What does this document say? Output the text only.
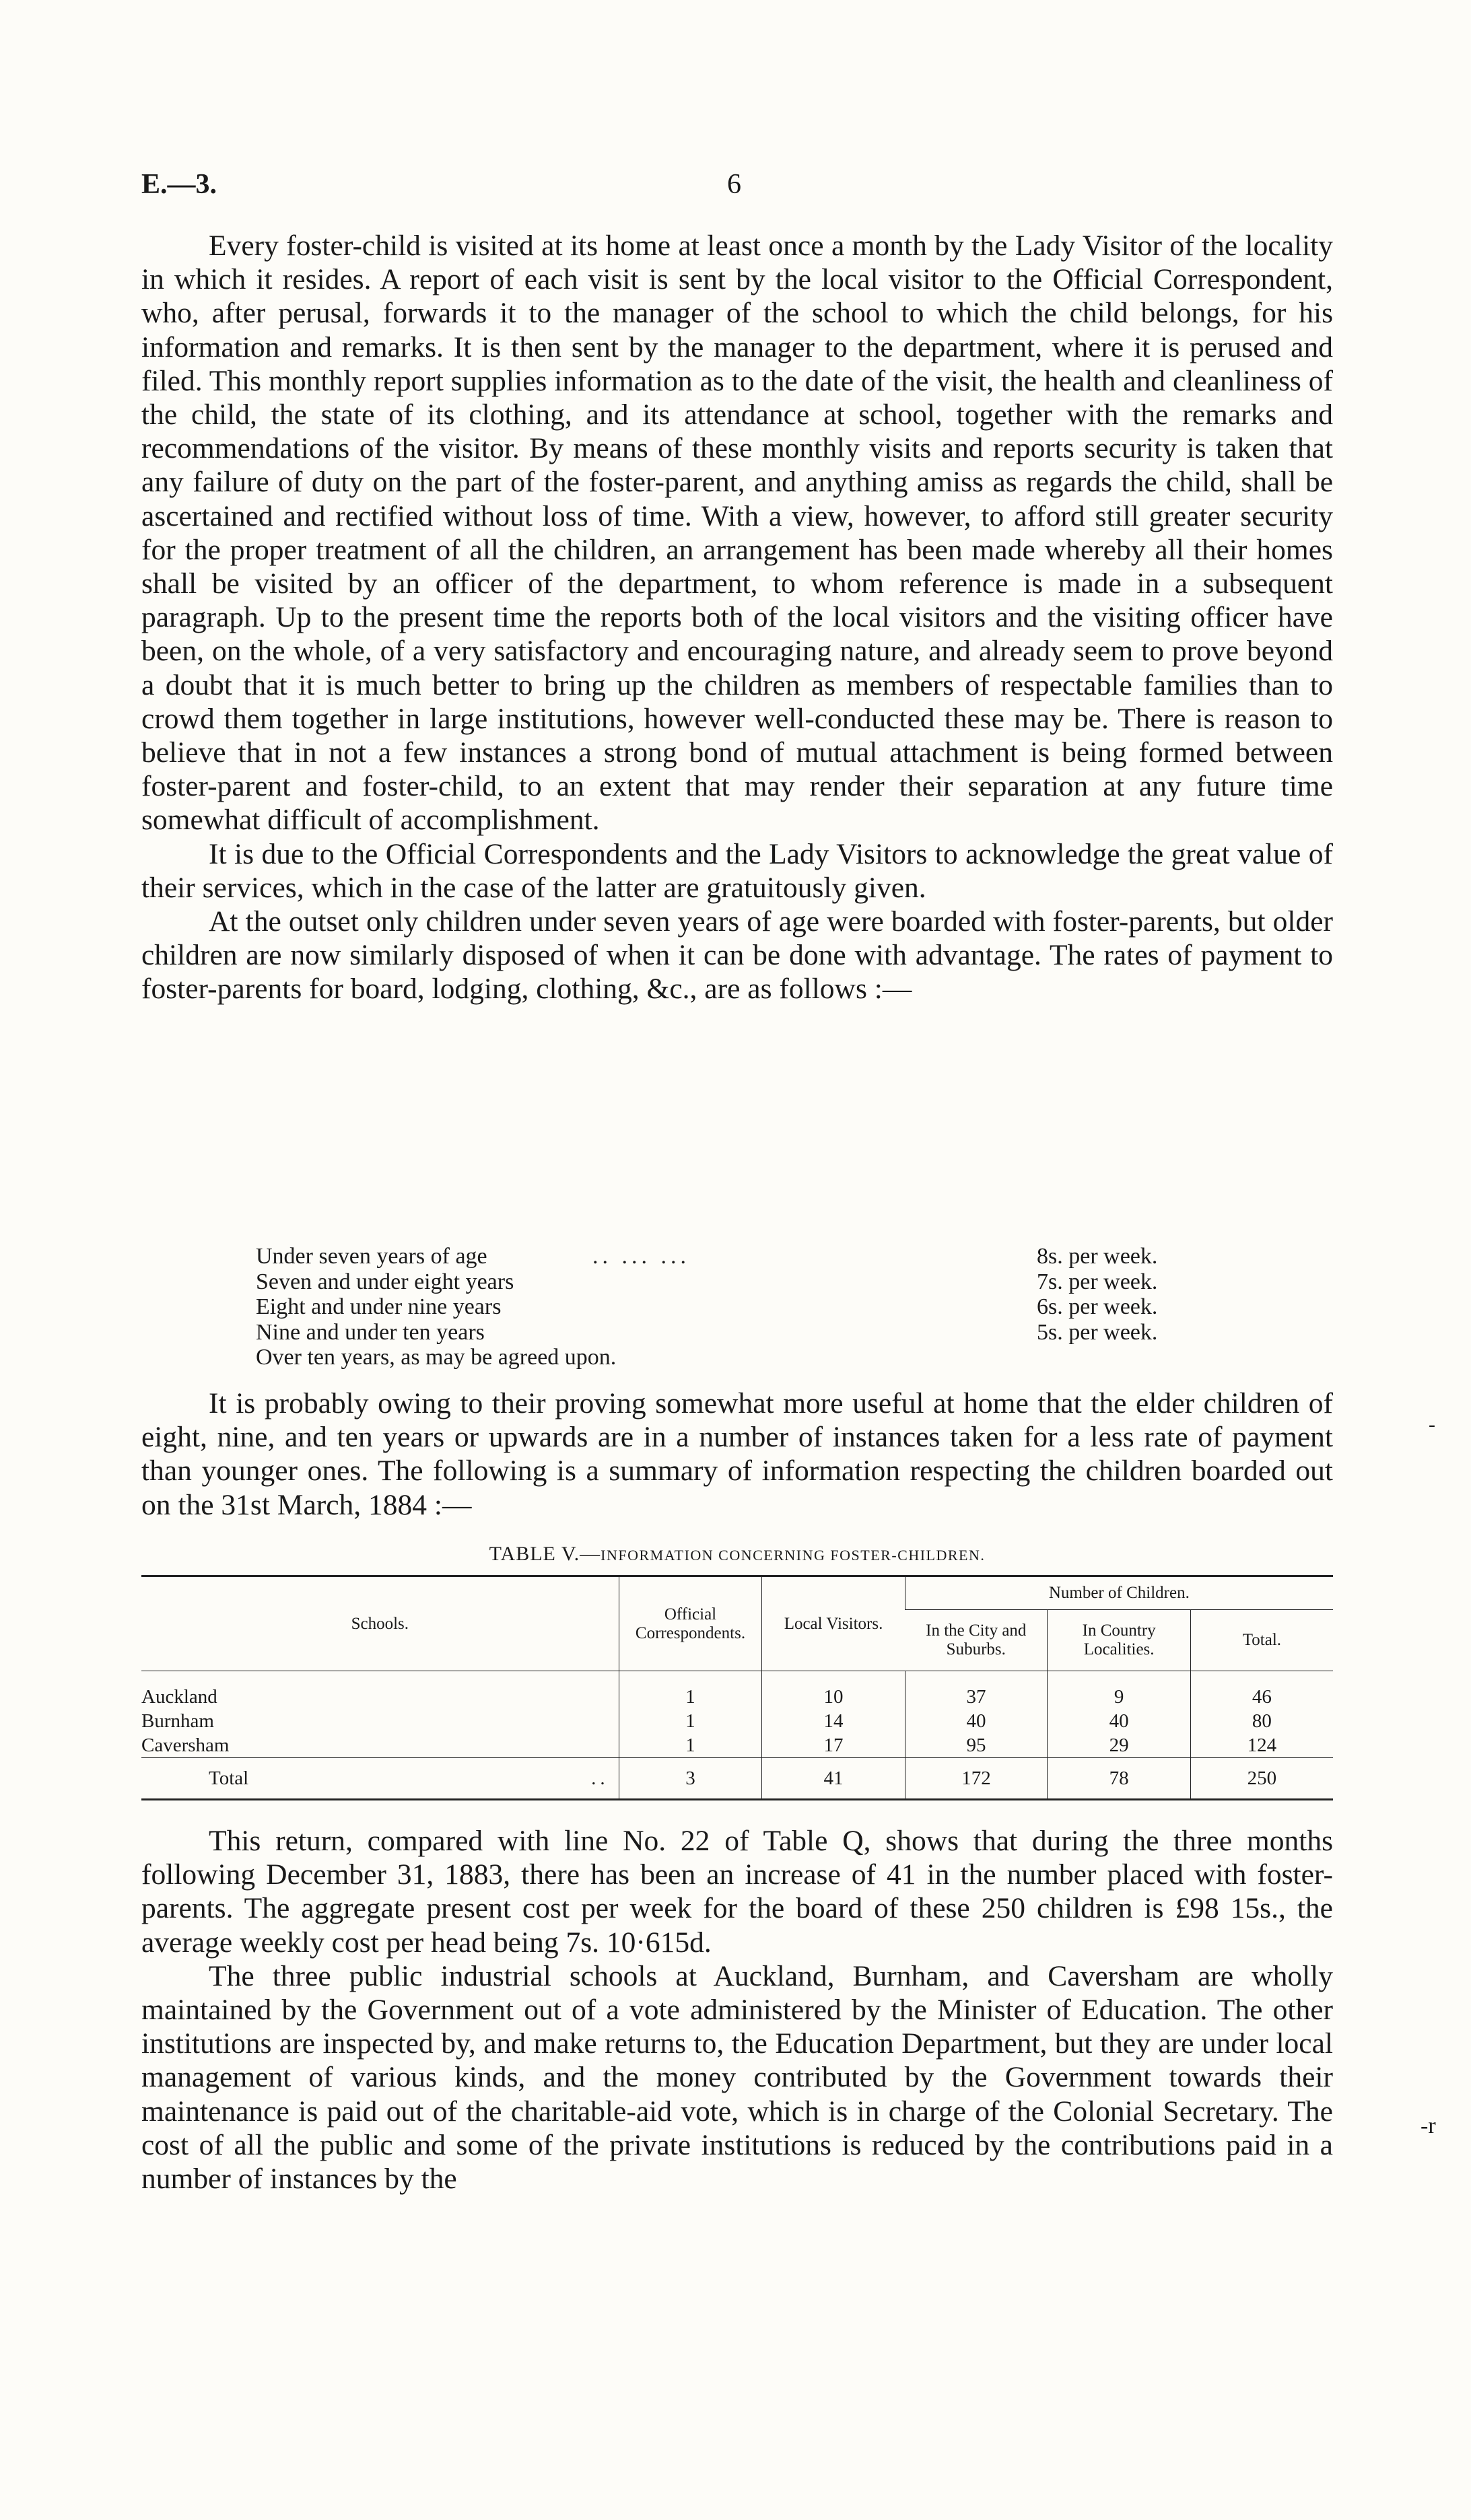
E.—3.	6

Every foster-child is visited at its home at least once a month by the Lady Visitor of the locality in which it resides. A report of each visit is sent by the local visitor to the Official Correspondent, who, after perusal, forwards it to the manager of the school to which the child belongs, for his information and remarks. It is then sent by the manager to the department, where it is perused and filed. This monthly report supplies information as to the date of the visit, the health and cleanliness of the child, the state of its clothing, and its attendance at school, together with the remarks and recommendations of the visitor. By means of these monthly visits and reports security is taken that any failure of duty on the part of the foster-parent, and anything amiss as regards the child, shall be ascertained and rectified without loss of time. With a view, however, to afford still greater security for the proper treatment of all the children, an arrangement has been made whereby all their homes shall be visited by an officer of the department, to whom reference is made in a subsequent paragraph. Up to the present time the reports both of the local visitors and the visiting officer have been, on the whole, of a very satisfactory and encouraging nature, and already seem to prove beyond a doubt that it is much better to bring up the children as members of respectable families than to crowd them together in large institutions, however well-conducted these may be. There is reason to believe that in not a few instances a strong bond of mutual attachment is being formed between foster-parent and foster-child, to an extent that may render their separation at any future time somewhat difficult of accomplishment.

It is due to the Official Correspondents and the Lady Visitors to acknowledge the great value of their services, which in the case of the latter are gratuitously given.

At the outset only children under seven years of age were boarded with foster-parents, but older children are now similarly disposed of when it can be done with advantage. The rates of payment to foster-parents for board, lodging, clothing, &c., are as follows :—

Under seven years of age	.. ... ...	8s. per week.
Seven and under eight years	7s. per week.
Eight and under nine years	6s. per week.
Nine and under ten years	5s. per week.
Over ten years, as may be agreed upon.

It is probably owing to their proving somewhat more useful at home that the elder children of eight, nine, and ten years or upwards are in a number of instances taken for a less rate of payment than younger ones. The following is a summary of information respecting the children boarded out on the 31st March, 1884 :—

TABLE V.—INFORMATION CONCERNING FOSTER-CHILDREN.
Schools.	Official Correspondents.	Local Visitors.	Number of Children.		
			In the City and Suburbs.	In Country Localities.	Total.
Auckland	1	10	37	9	46
Burnham	1	14	40	40	80
Caversham	1	17	95	29	124
Total ..	3	41	172	78	250

This return, compared with line No. 22 of Table Q, shows that during the three months following December 31, 1883, there has been an increase of 41 in the number placed with foster-parents. The aggregate present cost per week for the board of these 250 children is £98 15s., the average weekly cost per head being 7s. 10·615d.

The three public industrial schools at Auckland, Burnham, and Caversham are wholly maintained by the Government out of a vote administered by the Minister of Education. The other institutions are inspected by, and make returns to, the Education Department, but they are under local management of various kinds, and the money contributed by the Government towards their maintenance is paid out of the charitable-aid vote, which is in charge of the Colonial Secretary. The cost of all the public and some of the private institutions is reduced by the contributions paid in a number of instances by the

-
-r
